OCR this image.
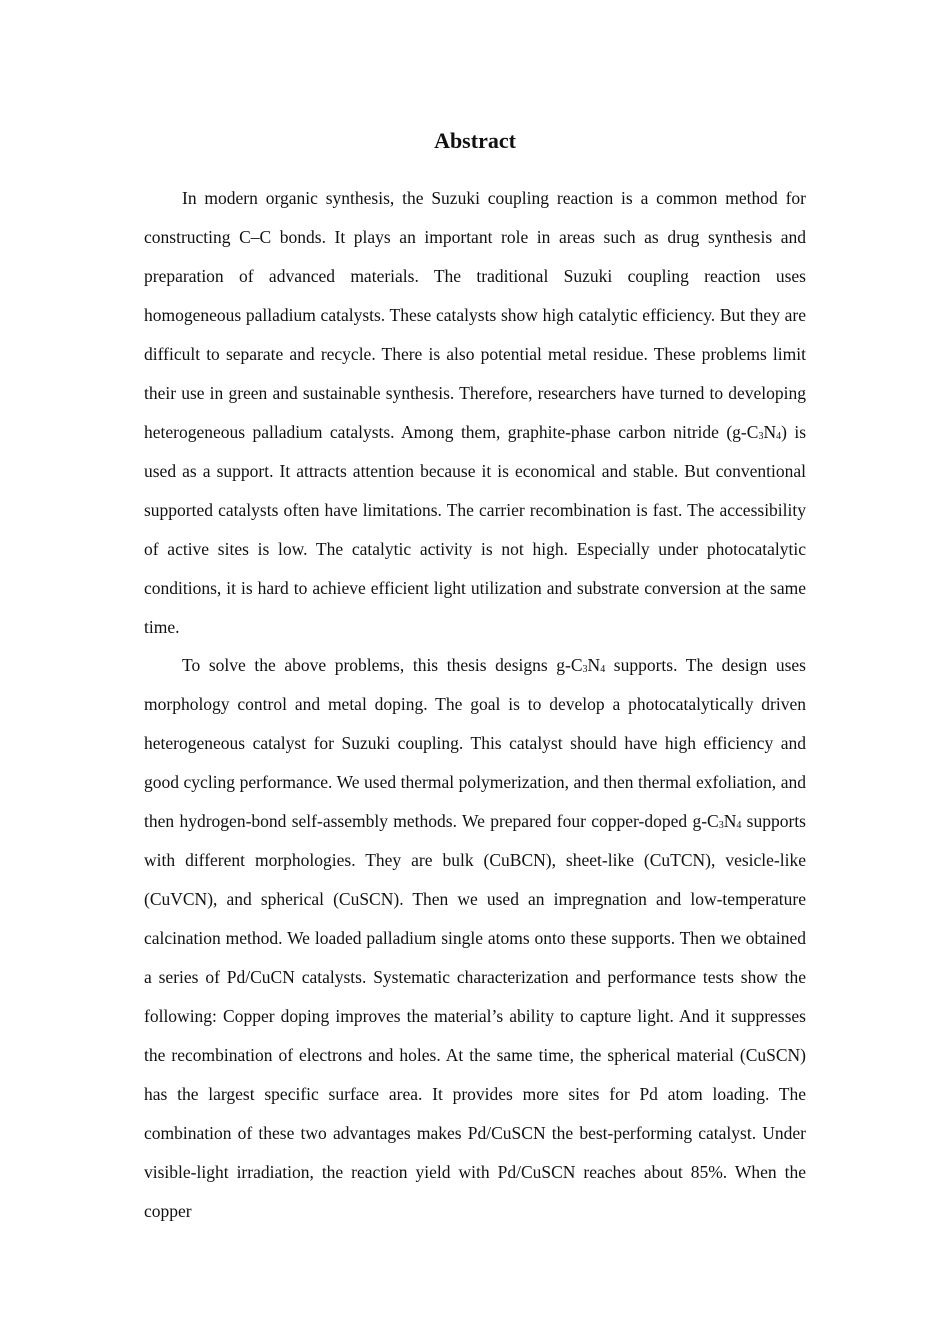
Abstract

In modern organic synthesis, the Suzuki coupling reaction is a common method for constructing C–C bonds. It plays an important role in areas such as drug synthesis and preparation of advanced materials. The traditional Suzuki coupling reaction uses homogeneous palladium catalysts. These catalysts show high catalytic efficiency. But they are difficult to separate and recycle. There is also potential metal residue. These problems limit their use in green and sustainable synthesis. Therefore, researchers have turned to developing heterogeneous palladium catalysts. Among them, graphite-phase carbon nitride $(g-C_3N_4)$ is used as a support. It attracts attention because it is economical and stable. But conventional supported catalysts often have limitations. The carrier recombination is fast. The accessibility of active sites is low. The catalytic activity is not high. Especially under photocatalytic conditions, it is hard to achieve efficient light utilization and substrate conversion at the same time.

To solve the above problems, this thesis designs $g-C_3N_4$ supports. The design uses morphology control and metal doping. The goal is to develop a photocatalytically driven heterogeneous catalyst for Suzuki coupling. This catalyst should have high efficiency and good cycling performance. We used thermal polymerization, and then thermal exfoliation, and then hydrogen-bond self-assembly methods. We prepared four copper-doped $g-C_3N_4$ supports with different morphologies. They are bulk (CuBCN), sheet-like (CuTCN), vesicle-like (CuVCN), and spherical (CuSCN). Then we used an impregnation and low-temperature calcination method. We loaded palladium single atoms onto these supports. Then we obtained a series of Pd/CuCN catalysts. Systematic characterization and performance tests show the following: Copper doping improves the material’s ability to capture light. And it suppresses the recombination of electrons and holes. At the same time, the spherical material (CuSCN) has the largest specific surface area. It provides more sites for Pd atom loading. The combination of these two advantages makes Pd/CuSCN the best-performing catalyst. Under visible-light irradiation, the reaction yield with Pd/CuSCN reaches about 85%. When the copper
